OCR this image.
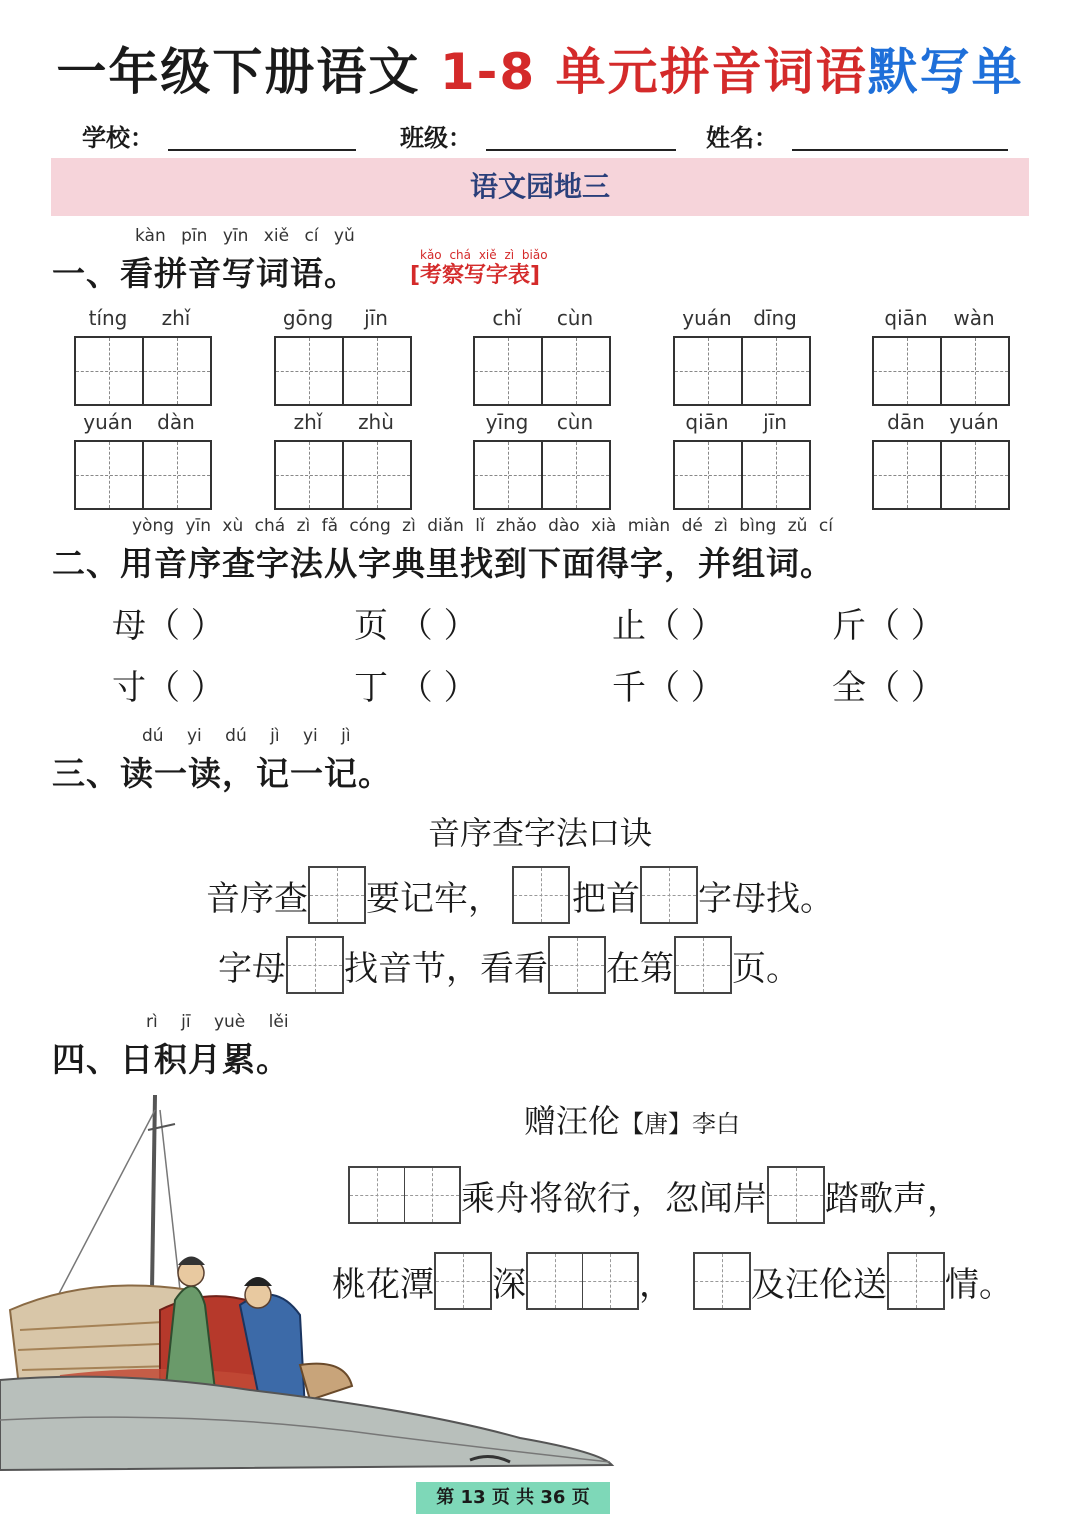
一年级下册语文 1-8 单元拼音词语默写单
学校：	班级：	姓名：
语文园地三
kàn pīn yīn xiě cí yǔ
一、看拼音写词语。	kǎo chá xiě zì biǎo
[考察写字表]
tíng	zhǐ	gōng	jīn	chǐ	cùn	yuán	dīng	qiān	wàn
yuán	dàn	zhǐ	zhù	yīng	cùn	qiān	jīn	dān	yuán
yòng yīn xù chá zì fǎ cóng zì diǎn lǐ zhǎo dào xià miàn dé zì bìng zǔ cí
二、用音序查字法从字典里找到下面得字，并组词。
母（ ）	页 （ ）	止（ ）	斤（ ）
寸（ ）	丁 （ ）	千（ ）	全（ ）
dú yi dú jì yi jì
三、读一读，记一记。
音序查字法口诀
音序查 要记牢， 把首 字母找。
字母 找音节，看看 在第 页。
rì jī yuè lěi
四、日积月累。
赠汪伦【唐】李白
乘舟将欲行，忽闻岸 踏歌声，
桃花潭 深	， 及汪伦送 情。
第 13 页 共 36 页
